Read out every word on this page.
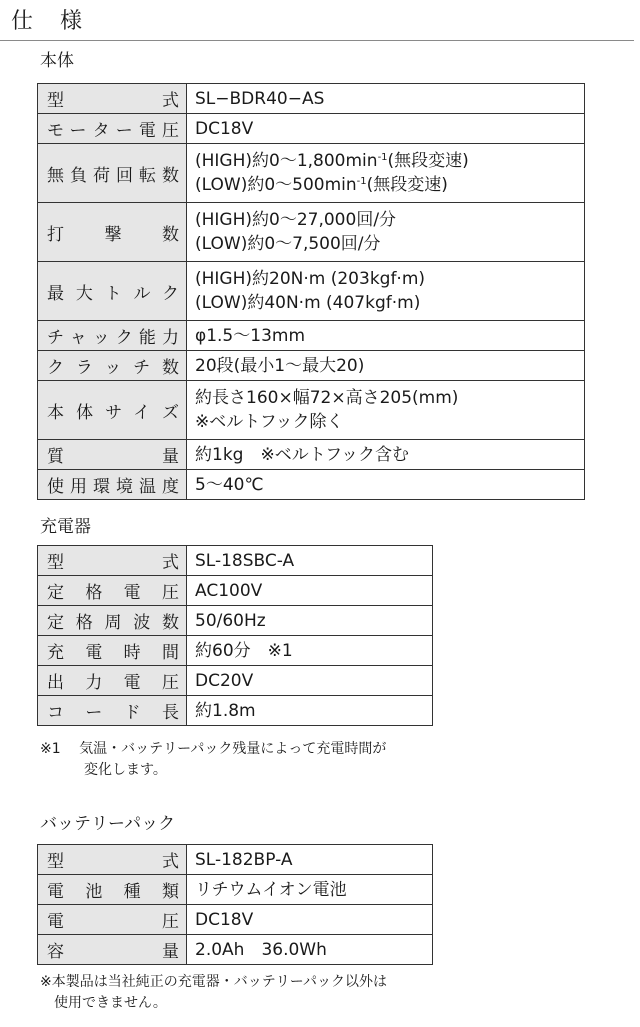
仕 様
本体
型　　　式	SL−BDR40−AS

モーター電圧	DC18V

無負荷回転数	(HIGH)約0〜$1,800\min^{-1}$(無段変速)
(LOW)約0〜$500\min^{-1}$(無段変速)

打　撃　数	(HIGH)約0〜27,000回/分
(LOW)約0〜7,500回/分

最大トルク	(HIGH)約20N·m (203kgf·m)
(LOW)約40N·m (407kgf·m)

チャック能力	φ1.5〜13mm

クラッチ数	20段(最小1〜最大20)

本体サイズ	約長さ160×幅72×高さ205(mm)
※ベルトフック除く

質　　　量	約1kg　※ベルトフック含む

使用環境温度	5〜40℃
充電器
型　　　式	SL-18SBC-A
定格電圧	AC100V
定格周波数	50/60Hz
充電時間	約60分　※1
出力電圧	DC20V
コード長	約1.8m
※1 気温・バッテリーパック残量によって充電時間が
変化します。
バッテリーパック
型　　　式	SL-182BP-A
電池種類	リチウムイオン電池
電　　　圧	DC18V
容　　　量	2.0Ah　36.0Wh
※本製品は当社純正の充電器・バッテリーパック以外は
使用できません。
